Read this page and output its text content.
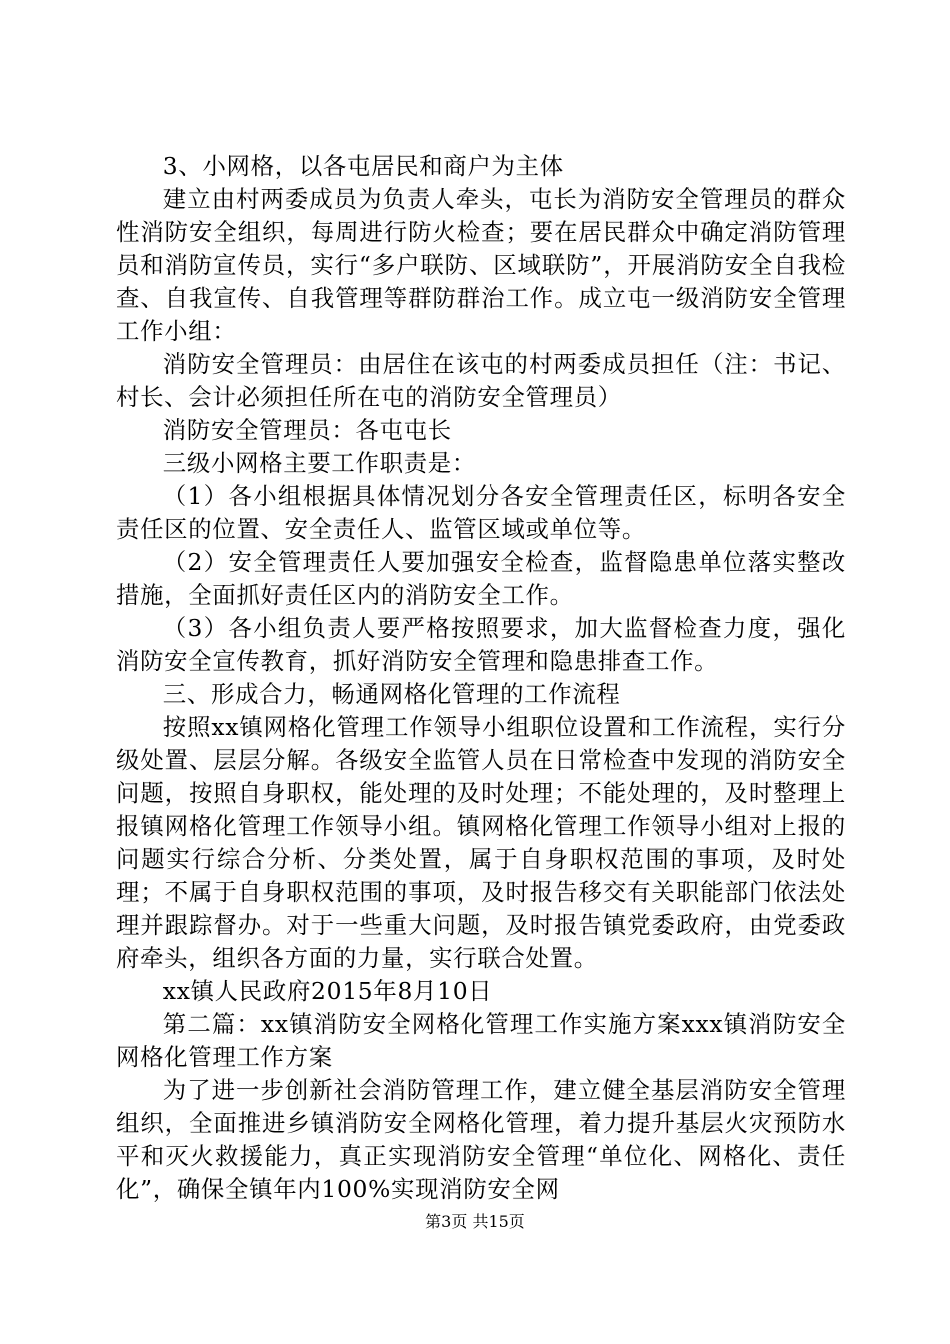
3、小网格，以各屯居民和商户为主体

建立由村两委成员为负责人牵头，屯长为消防安全管理员的群众性消防安全组织，每周进行防火检查；要在居民群众中确定消防管理员和消防宣传员，实行“多户联防、区域联防”，开展消防安全自我检查、自我宣传、自我管理等群防群治工作。成立屯一级消防安全管理工作小组：

消防安全管理员：由居住在该屯的村两委成员担任（注：书记、村长、会计必须担任所在屯的消防安全管理员）

消防安全管理员：各屯屯长

三级小网格主要工作职责是：

（1）各小组根据具体情况划分各安全管理责任区，标明各安全责任区的位置、安全责任人、监管区域或单位等。

（2）安全管理责任人要加强安全检查，监督隐患单位落实整改措施，全面抓好责任区内的消防安全工作。

（3）各小组负责人要严格按照要求，加大监督检查力度，强化消防安全宣传教育，抓好消防安全管理和隐患排查工作。

三、形成合力，畅通网格化管理的工作流程

按照xx镇网格化管理工作领导小组职位设置和工作流程，实行分级处置、层层分解。各级安全监管人员在日常检查中发现的消防安全问题，按照自身职权，能处理的及时处理；不能处理的，及时整理上报镇网格化管理工作领导小组。镇网格化管理工作领导小组对上报的问题实行综合分析、分类处置，属于自身职权范围的事项，及时处理；不属于自身职权范围的事项，及时报告移交有关职能部门依法处理并跟踪督办。对于一些重大问题，及时报告镇党委政府，由党委政府牵头，组织各方面的力量，实行联合处置。

xx镇人民政府2015年8月10日

第二篇：xx镇消防安全网格化管理工作实施方案xxx镇消防安全网格化管理工作方案

为了进一步创新社会消防管理工作，建立健全基层消防安全管理组织，全面推进乡镇消防安全网格化管理，着力提升基层火灾预防水平和灭火救援能力，真正实现消防安全管理“单位化、网格化、责任化”，确保全镇年内100%实现消防安全网

第3页 共15页
